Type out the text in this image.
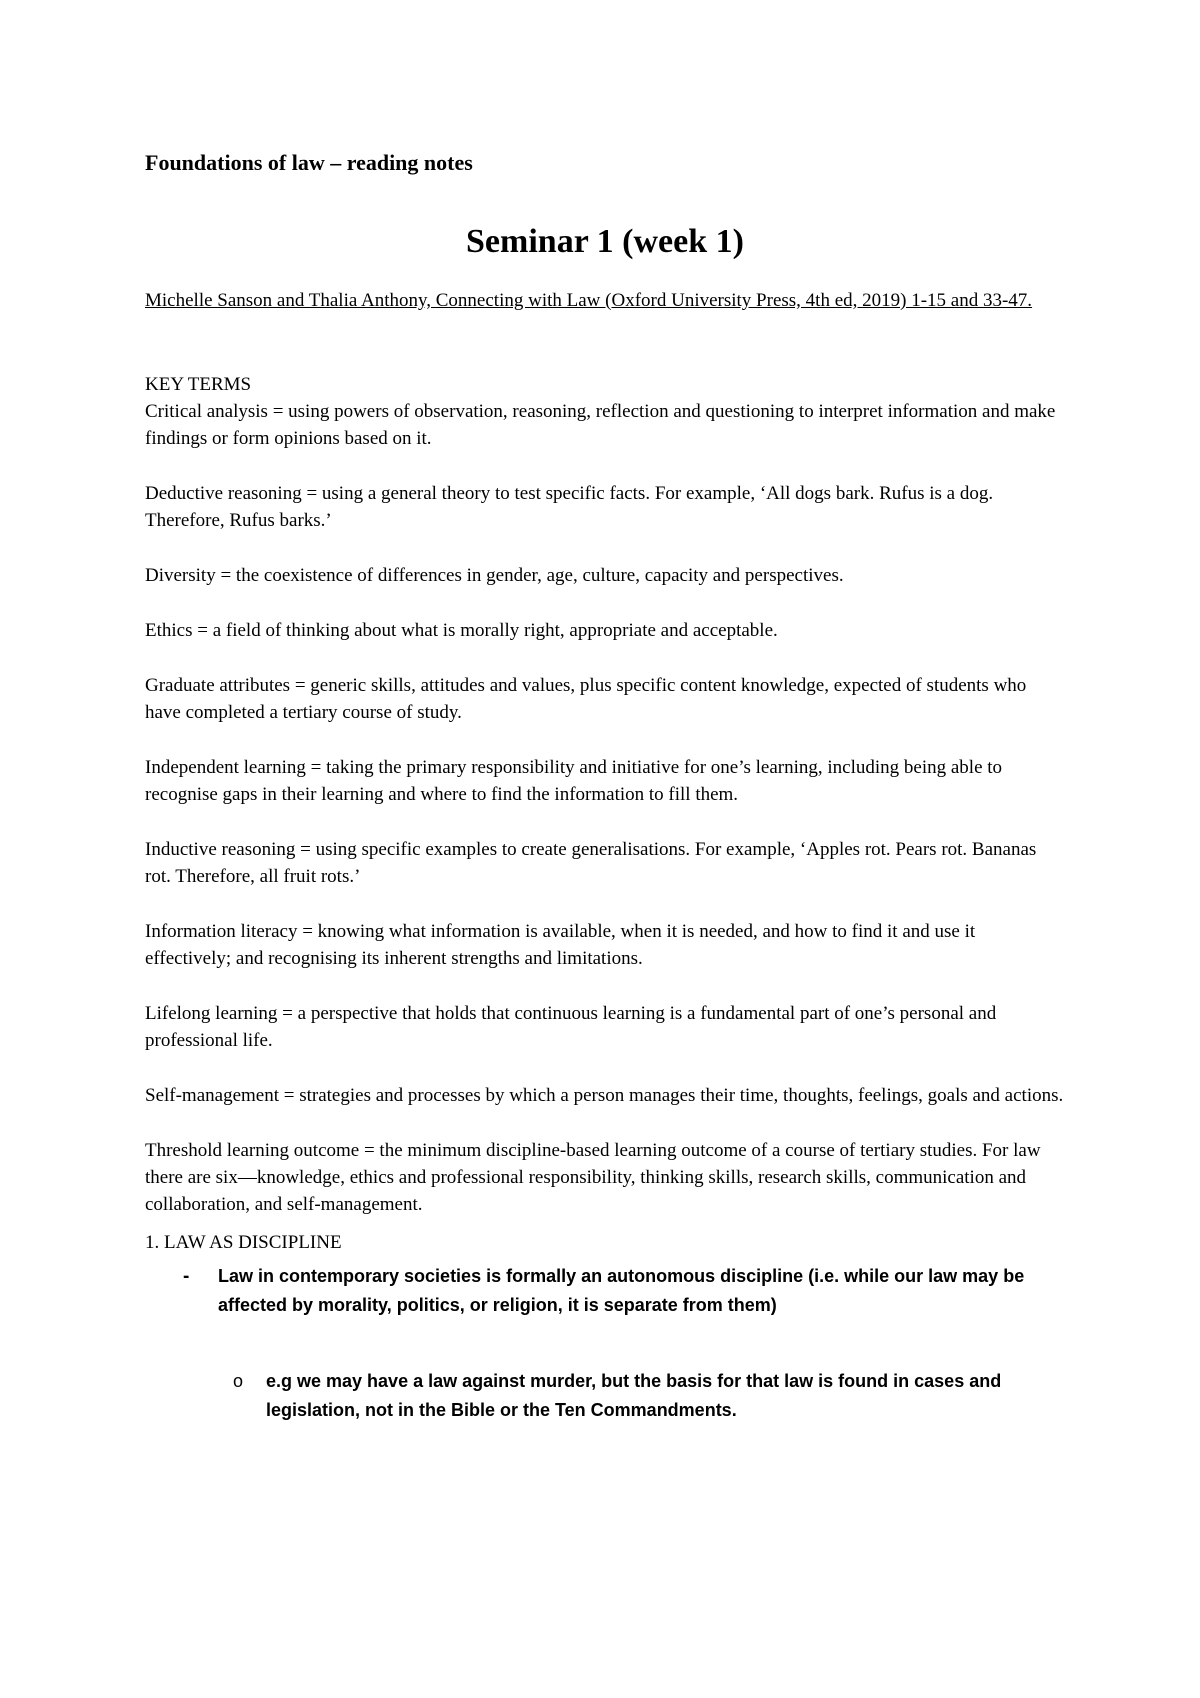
Foundations of law – reading notes

Seminar 1 (week 1)

Michelle Sanson and Thalia Anthony, Connecting with Law (Oxford University Press, 4th ed, 2019) 1-15 and 33-47.

KEY TERMS

Critical analysis = using powers of observation, reasoning, reflection and questioning to interpret information and make findings or form opinions based on it.

Deductive reasoning = using a general theory to test specific facts. For example, ‘All dogs bark. Rufus is a dog. Therefore, Rufus barks.’

Diversity = the coexistence of differences in gender, age, culture, capacity and perspectives.

Ethics = a field of thinking about what is morally right, appropriate and acceptable.

Graduate attributes = generic skills, attitudes and values, plus specific content knowledge, expected of students who have completed a tertiary course of study.

Independent learning = taking the primary responsibility and initiative for one’s learning, including being able to recognise gaps in their learning and where to find the information to fill them.

Inductive reasoning = using specific examples to create generalisations. For example, ‘Apples rot. Pears rot. Bananas rot. Therefore, all fruit rots.’

Information literacy = knowing what information is available, when it is needed, and how to find it and use it effectively; and recognising its inherent strengths and limitations.

Lifelong learning = a perspective that holds that continuous learning is a fundamental part of one’s personal and professional life.

Self-management = strategies and processes by which a person manages their time, thoughts, feelings, goals and actions.

Threshold learning outcome = the minimum discipline-based learning outcome of a course of tertiary studies. For law there are six—knowledge, ethics and professional responsibility, thinking skills, research skills, communication and collaboration, and self-management.

1. LAW AS DISCIPLINE

-	Law in contemporary societies is formally an autonomous discipline (i.e. while our law may be affected by morality, politics, or religion, it is separate from them)
o	e.g we may have a law against murder, but the basis for that law is found in cases and legislation, not in the Bible or the Ten Commandments.
